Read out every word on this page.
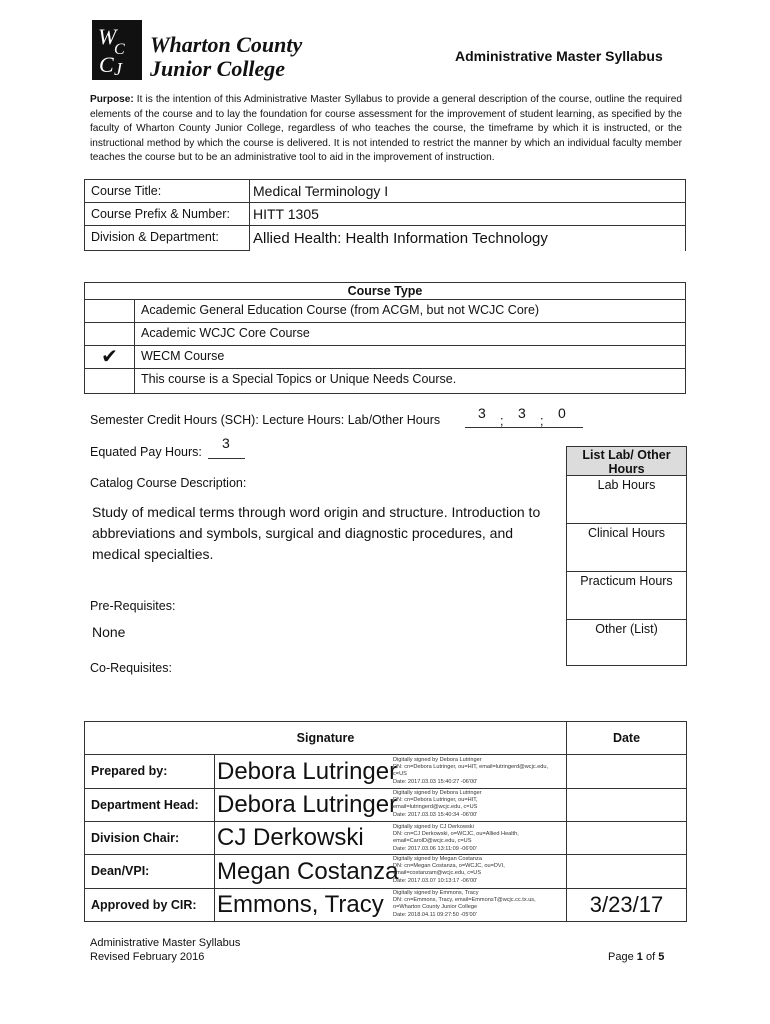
W
C
C J
Wharton County
Junior College	Administrative Master Syllabus
Purpose: It is the intention of this Administrative Master Syllabus to provide a general description of the course, outline the required elements of the course and to lay the foundation for course assessment for the improvement of student learning, as specified by the faculty of Wharton County Junior College, regardless of who teaches the course, the timeframe by which it is instructed, or the instructional method by which the course is delivered. It is not intended to restrict the manner by which an individual faculty member teaches the course but to be an administrative tool to aid in the improvement of instruction.
Course Title:	Medical Terminology I
Course Prefix & Number:	HITT 1305
Division & Department:	Allied Health: Health Information Technology
Course Type
Academic General Education Course (from ACGM, but not WCJC Core)
Academic WCJC Core Course
✔	WECM Course
This course is a Special Topics or Unique Needs Course.
Semester Credit Hours (SCH): Lecture Hours: Lab/Other Hours	3 ; 3 ; 0
Equated Pay Hours:
3
Catalog Course Description:
Study of medical terms through word origin and structure. Introduction to abbreviations and symbols, surgical and diagnostic procedures, and medical specialties.
Pre-Requisites:
None
Co-Requisites:
List Lab/ Other Hours
Lab Hours
Clinical Hours
Practicum Hours
Other (List)
Signature	Date
Prepared by:	Debora Lutringer
Digitally signed by Debora Lutringer
DN: cn=Debora Lutringer, ou=HIT, email=lutringerd@wcjc.edu,
c=US
Date: 2017.03.03 15:40:27 -06'00'
Department Head: Debora Lutringer
Digitally signed by Debora Lutringer
DN: cn=Debora Lutringer, ou=HIT,
email=lutringerd@wcjc.edu, c=US
Date: 2017.03.03 15:40:34 -06'00'
Division Chair:	CJ Derkowski	Digitally signed by CJ Derkowski
DN: cn=CJ Derkowski, o=WCJC, ou=Allied Health,
email=CarolD@wcjc.edu, c=US
Date: 2017.03.06 13:11:09 -06'00'
Dean/VPI:	Megan Costanza
Digitally signed by Megan Costanza
DN: cn=Megan Costanza, o=WCJC, ou=DVI,
email=costanzam@wcjc.edu, c=US
Date: 2017.03.07 10:13:17 -06'00'
Approved by CIR: Emmons, Tracy Digitally signed by Emmons, Tracy
DN: cn=Emmons, Tracy, email=EmmonsT@wcjc.cc.tx.us,
o=Wharton County Junior College
Date: 2018.04.11 09:27:50 -05'00'	3/23/17
Administrative Master Syllabus
Revised February 2016	Page 1 of 5
